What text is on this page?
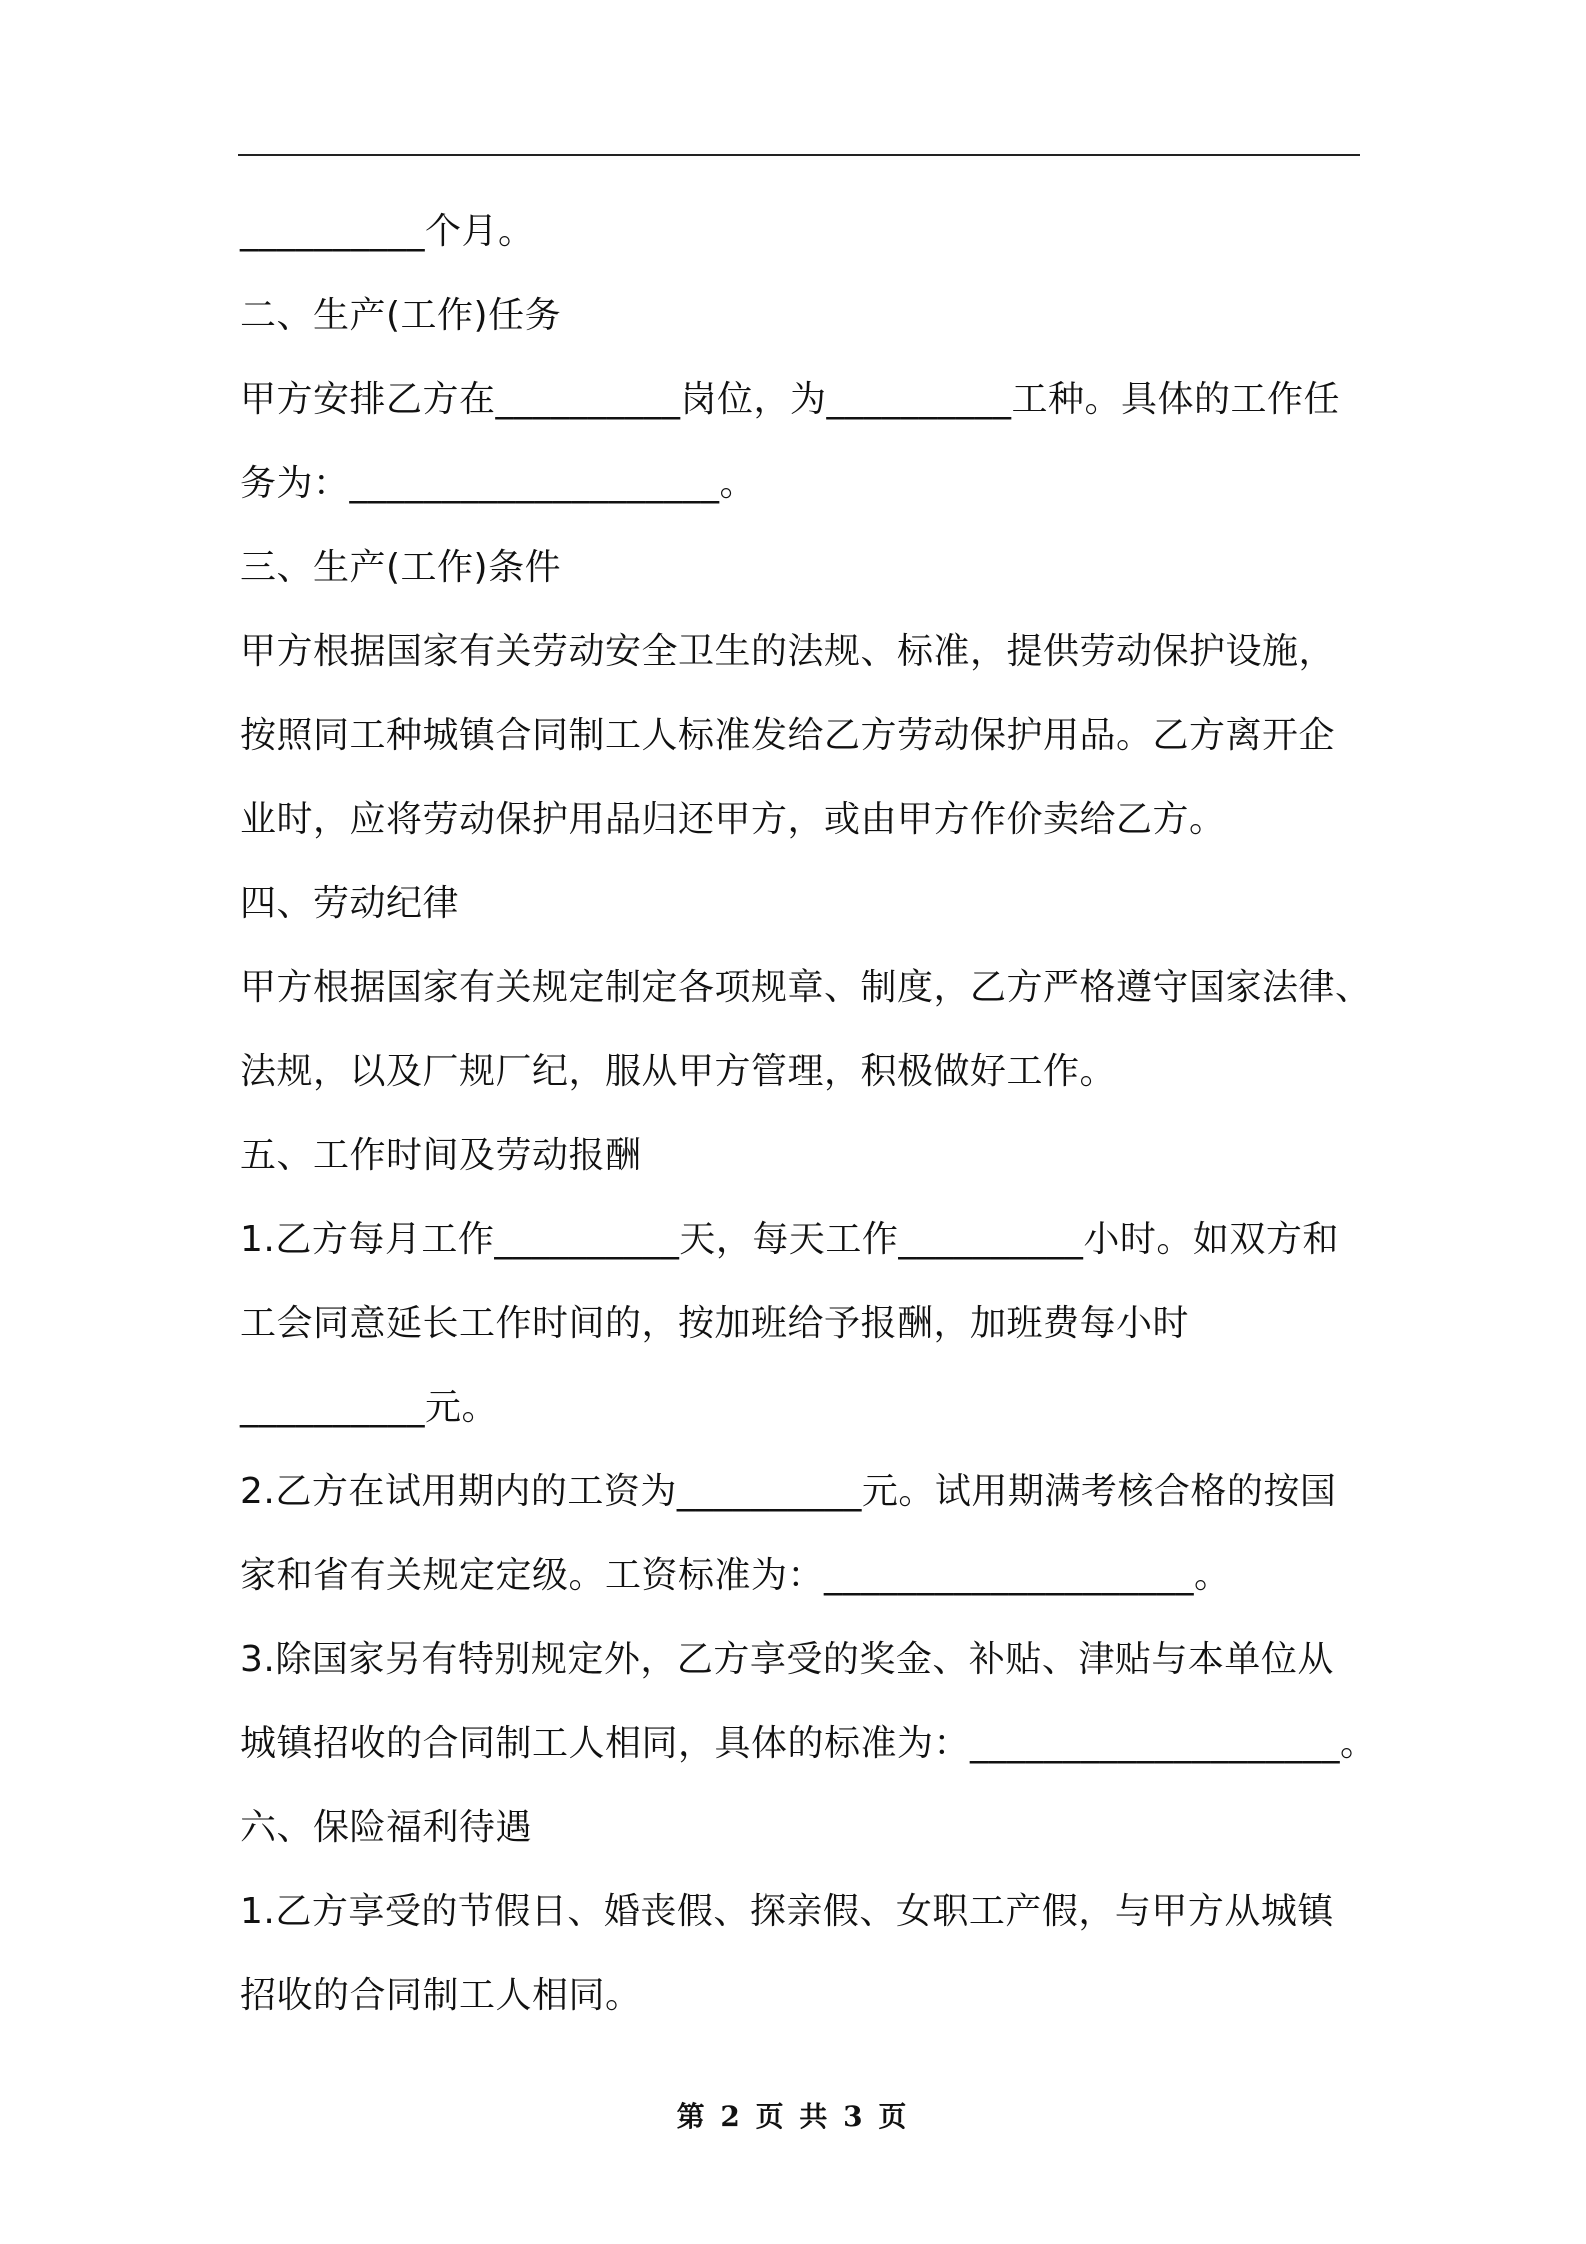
__________个月。
二、生产(工作)任务
甲方安排乙方在__________岗位，为__________工种。具体的工作任
务为：____________________。
三、生产(工作)条件
甲方根据国家有关劳动安全卫生的法规、标准，提供劳动保护设施，
按照同工种城镇合同制工人标准发给乙方劳动保护用品。乙方离开企
业时，应将劳动保护用品归还甲方，或由甲方作价卖给乙方。
四、劳动纪律
甲方根据国家有关规定制定各项规章、制度，乙方严格遵守国家法律、
法规，以及厂规厂纪，服从甲方管理，积极做好工作。
五、工作时间及劳动报酬
1.乙方每月工作__________天，每天工作__________小时。如双方和
工会同意延长工作时间的，按加班给予报酬，加班费每小时
__________元。
2.乙方在试用期内的工资为__________元。试用期满考核合格的按国
家和省有关规定定级。工资标准为：____________________。
3.除国家另有特别规定外，乙方享受的奖金、补贴、津贴与本单位从
城镇招收的合同制工人相同，具体的标准为：____________________。
六、保险福利待遇
1.乙方享受的节假日、婚丧假、探亲假、女职工产假，与甲方从城镇
招收的合同制工人相同。
第 2 页 共 3 页
